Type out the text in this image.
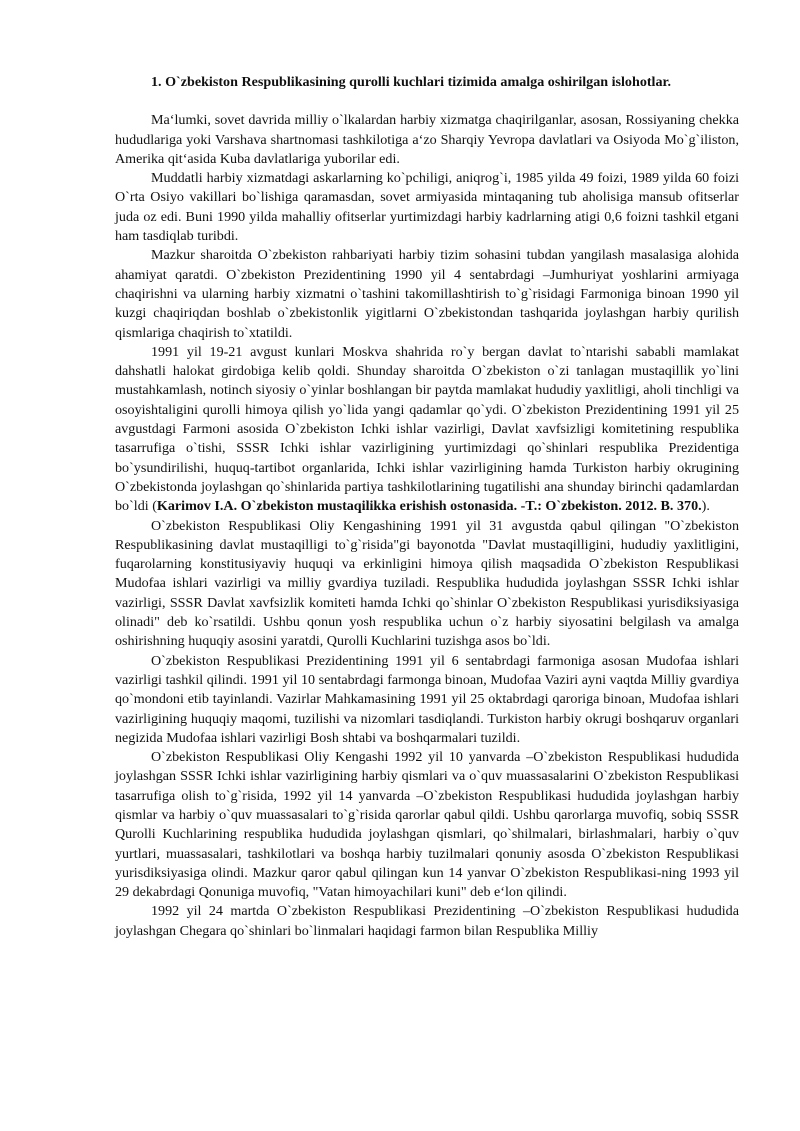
1. O`zbekiston Respublikasining qurolli kuchlari tizimida amalga oshirilgan islohotlar.

Ma‘lumki, sovet davrida milliy o`lkalardan harbiy xizmatga chaqirilganlar, asosan, Rossiyaning chekka hududlariga yoki Varshava shartnomasi tashkilotiga a‘zo Sharqiy Yevropa davlatlari va Osiyoda Mo`g`iliston, Amerika qit‘asida Kuba davlatlariga yuborilar edi.

Muddatli harbiy xizmatdagi askarlarning ko`pchiligi, aniqrog`i, 1985 yilda 49 foizi, 1989 yilda 60 foizi O`rta Osiyo vakillari bo`lishiga qaramasdan, sovet armiyasida mintaqaning tub aholisiga mansub ofitserlar juda oz edi. Buni 1990 yilda mahalliy ofitserlar yurtimizdagi harbiy kadrlarning atigi 0,6 foizni tashkil etgani ham tasdiqlab turibdi.

Mazkur sharoitda O`zbekiston rahbariyati harbiy tizim sohasini tubdan yangilash masalasiga alohida ahamiyat qaratdi. O`zbekiston Prezidentining 1990 yil 4 sentabrdagi –Jumhuriyat yoshlarini armiyaga chaqirishni va ularning harbiy xizmatni o`tashini takomillashtirish to`g`risidagi Farmoniga binoan 1990 yil kuzgi chaqiriqdan boshlab o`zbekistonlik yigitlarni O`zbekistondan tashqarida joylashgan harbiy qurilish qismlariga chaqirish to`xtatildi.

1991 yil 19-21 avgust kunlari Moskva shahrida ro`y bergan davlat to`ntarishi sababli mamlakat dahshatli halokat girdobiga kelib qoldi. Shunday sharoitda O`zbekiston o`zi tanlagan mustaqillik yo`lini mustahkamlash, notinch siyosiy o`yinlar boshlangan bir paytda mamlakat hududiy yaxlitligi, aholi tinchligi va osoyishtaligini qurolli himoya qilish yo`lida yangi qadamlar qo`ydi. O`zbekiston Prezidentining 1991 yil 25 avgustdagi Farmoni asosida O`zbekiston Ichki ishlar vazirligi, Davlat xavfsizligi komitetining respublika tasarrufiga o`tishi, SSSR Ichki ishlar vazirligining yurtimizdagi qo`shinlari respublika Prezidentiga bo`ysundirilishi, huquq-tartibot organlarida, Ichki ishlar vazirligining hamda Turkiston harbiy okrugining O`zbekistonda joylashgan qo`shinlarida partiya tashkilotlarining tugatilishi ana shunday birinchi qadamlardan bo`ldi (Karimov I.A. O`zbekiston mustaqilikka erishish ostonasida. -T.: O`zbekiston. 2012. B. 370.).

O`zbekiston Respublikasi Oliy Kengashining 1991 yil 31 avgustda qabul qilingan "O`zbekiston Respublikasining davlat mustaqilligi to`g`risida"gi bayonotda "Davlat mustaqilligini, hududiy yaxlitligini, fuqarolarning konstitusiyaviy huquqi va erkinligini himoya qilish maqsadida O`zbekiston Respublikasi Mudofaa ishlari vazirligi va milliy gvardiya tuziladi. Respublika hududida joylashgan SSSR Ichki ishlar vazirligi, SSSR Davlat xavfsizlik komiteti hamda Ichki qo`shinlar O`zbekiston Respublikasi yurisdiksiyasiga olinadi" deb ko`rsatildi. Ushbu qonun yosh respublika uchun o`z harbiy siyosatini belgilash va amalga oshirishning huquqiy asosini yaratdi, Qurolli Kuchlarini tuzishga asos bo`ldi.

O`zbekiston Respublikasi Prezidentining 1991 yil 6 sentabrdagi farmoniga asosan Mudofaa ishlari vazirligi tashkil qilindi. 1991 yil 10 sentabrdagi farmonga binoan, Mudofaa Vaziri ayni vaqtda Milliy gvardiya qo`mondoni etib tayinlandi. Vazirlar Mahkamasining 1991 yil 25 oktabrdagi qaroriga binoan, Mudofaa ishlari vazirligining huquqiy maqomi, tuzilishi va nizomlari tasdiqlandi. Turkiston harbiy okrugi boshqaruv organlari negizida Mudofaa ishlari vazirligi Bosh shtabi va boshqarmalari tuzildi.

O`zbekiston Respublikasi Oliy Kengashi 1992 yil 10 yanvarda –O`zbekiston Respublikasi hududida joylashgan SSSR Ichki ishlar vazirligining harbiy qismlari va o`quv muassasalarini O`zbekiston Respublikasi tasarrufiga olish to`g`risida, 1992 yil 14 yanvarda –O`zbekiston Respublikasi hududida joylashgan harbiy qismlar va harbiy o`quv muassasalari to`g`risida qarorlar qabul qildi. Ushbu qarorlarga muvofiq, sobiq SSSR Qurolli Kuchlarining respublika hududida joylashgan qismlari, qo`shilmalari, birlashmalari, harbiy o`quv yurtlari, muassasalari, tashkilotlari va boshqa harbiy tuzilmalari qonuniy asosda O`zbekiston Respublikasi yurisdiksiyasiga olindi. Mazkur qaror qabul qilingan kun 14 yanvar O`zbekiston Respublikasi-ning 1993 yil 29 dekabrdagi Qonuniga muvofiq, "Vatan himoyachilari kuni" deb e‘lon qilindi.

1992 yil 24 martda O`zbekiston Respublikasi Prezidentining –O`zbekiston Respublikasi hududida joylashgan Chegara qo`shinlari bo`linmalari haqidagi farmon bilan Respublika Milliy
